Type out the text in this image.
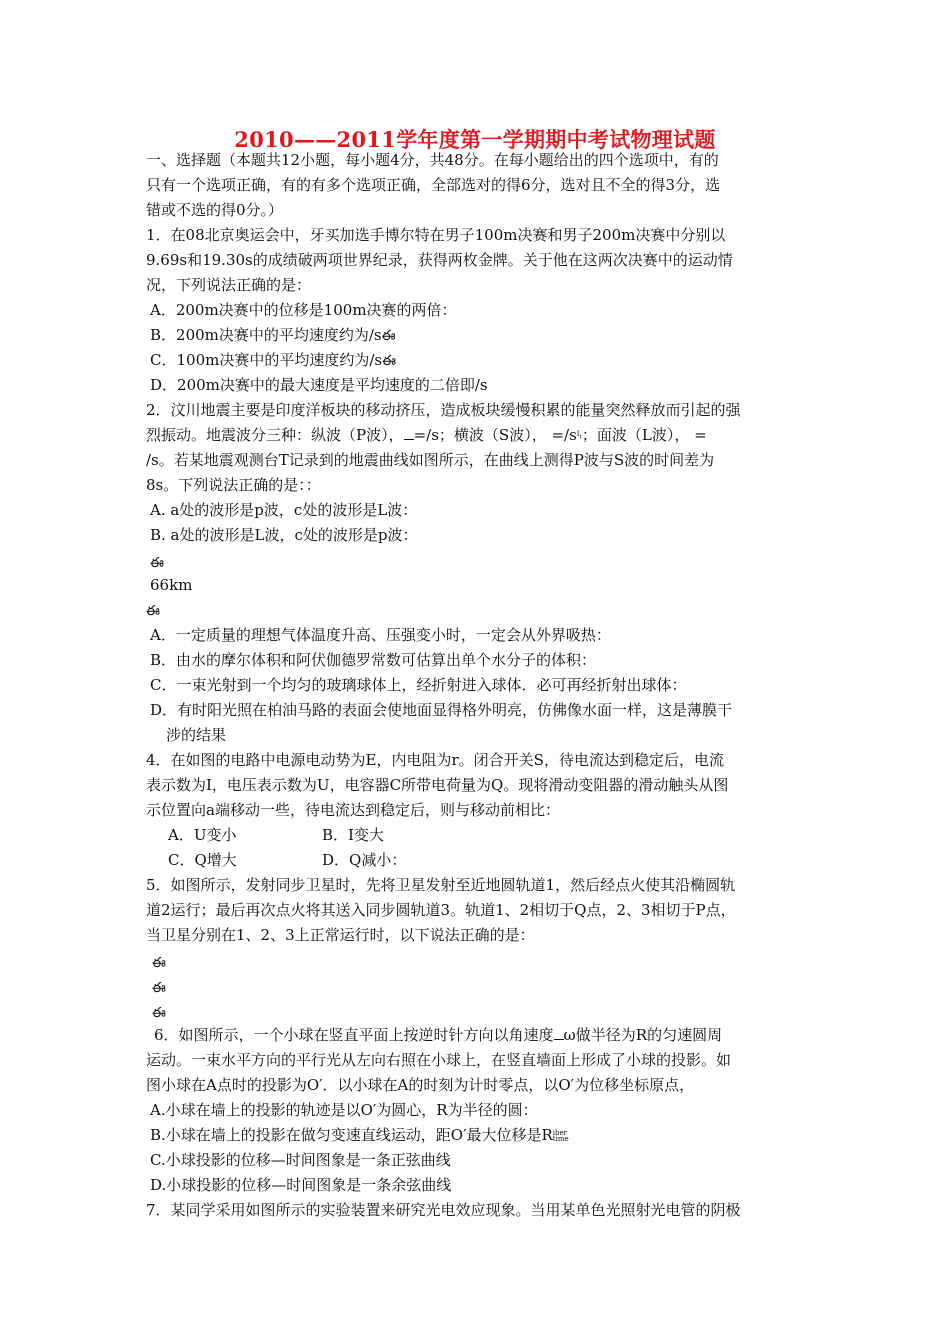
2010——2011学年度第一学期期中考试物理试题
一、选择题（本题共12小题，每小题4分，共48分。在每小题给出的四个选项中，有的
只有一个选项正确，有的有多个选项正确，全部选对的得6分，选对且不全的得3分，选
错或不选的得0分。）
1．在08北京奥运会中，牙买加选手博尔特在男子100m决赛和男子200m决赛中分别以
9.69s和19.30s的成绩破两项世界纪录，获得两枚金牌。关于他在这两次决赛中的运动情
况，下列说法正确的是：
A．200m决赛中的位移是100m决赛的两倍：
B．200m决赛中的平均速度约为/sఈ
C．100m决赛中的平均速度约为/sఈ
D．200m决赛中的最大速度是平均速度的二倍即/s
2．汶川地震主要是印度洋板块的移动挤压，造成板块缓慢积累的能量突然释放而引起的强
烈振动。地震波分三种：纵波（P波）， =/s；横波（S波）， $=/sI_t$；面波（L波）， =
/s。若某地震观测台T记录到的地震曲线如图所示，在曲线上测得P波与S波的时间差为
8s。下列说法正确的是：：
A. a处的波形是p波，c处的波形是L波：
B. a处的波形是L波，c处的波形是p波：
ఈ
66km
ఈ
A．一定质量的理想气体温度升高、压强变小时，一定会从外界吸热：
B．由水的摩尔体积和阿伏伽德罗常数可估算出单个水分子的体积：
C．一束光射到一个均匀的玻璃球体上，经折射进入球体．必可再经折射出球体：
D．有时阳光照在柏油马路的表面会使地面显得格外明亮，仿佛像水面一样，这是薄膜干
涉的结果
4．在如图的电路中电源电动势为E，内电阻为r。闭合开关S，待电流达到稳定后，电流
表示数为I，电压表示数为U，电容器C所带电荷量为Q。现将滑动变阻器的滑动触头从图
示位置向a端移动一些，待电流达到稳定后，则与移动前相比：
A．U变小	B．I变大
C．Q增大	D．Q减小：
5．如图所示，发射同步卫星时，先将卫星发射至近地圆轨道1，然后经点火使其沿椭圆轨
道2运行；最后再次点火将其送入同步圆轨道3。轨道1、2相切于Q点，2、3相切于P点，
当卫星分别在1、2、3上正常运行时，以下说法正确的是：
ఈ
ఈ
ఈ
6．如图所示，一个小球在竖直平面上按逆时针方向以角速度 ω做半径为R的匀速圆周
运动。一束水平方向的平行光从左向右照在小球上，在竖直墙面上形成了小球的投影。如
图小球在A点时的投影为O′．以小球在A的时刻为计时零点，以O′为位移坐标原点，
A.小球在墙上的投影的轨迹是以O′为圆心，R为半径的圆：
B.小球在墙上的投影在做匀变速直线运动，距O′最大位移是Riber
time
C.小球投影的位移—时间图象是一条正弦曲线
D.小球投影的位移—时间图象是一条余弦曲线
7．某同学采用如图所示的实验装置来研究光电效应现象。当用某单色光照射光电管的阴极
